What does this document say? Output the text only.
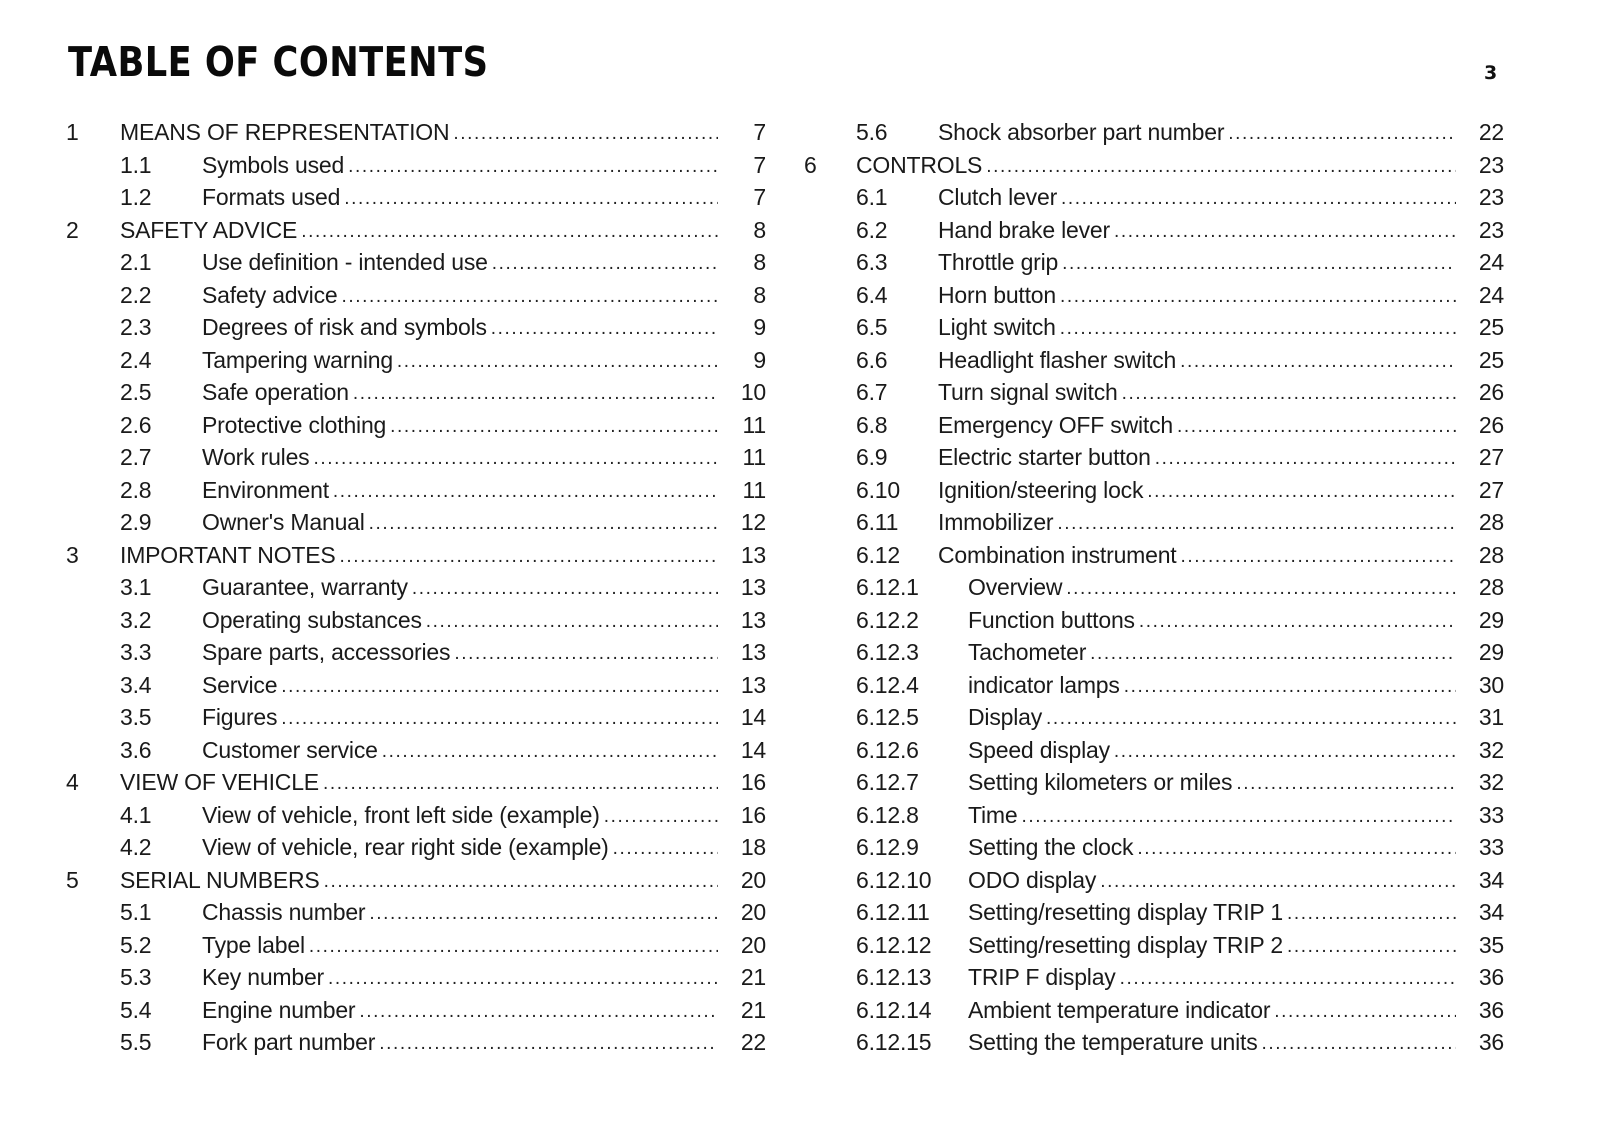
TABLE OF CONTENTS	3
1	MEANS OF REPRESENTATION .....	7
1.1	Symbols used .....	7
1.2	Formats used .....	7
2	SAFETY ADVICE .....	8
2.1	Use definition - intended use .....	8
2.2	Safety advice .....	8
2.3	Degrees of risk and symbols .....	9
2.4	Tampering warning .....	9
2.5	Safe operation .....	10
2.6	Protective clothing .....	11
2.7	Work rules .....	11
2.8	Environment .....	11
2.9	Owner's Manual .....	12
3	IMPORTANT NOTES .....	13
3.1	Guarantee, warranty .....	13
3.2	Operating substances .....	13
3.3	Spare parts, accessories .....	13
3.4	Service .....	13
3.5	Figures .....	14
3.6	Customer service .....	14
4	VIEW OF VEHICLE .....	16
4.1	View of vehicle, front left side (example) .....	16
4.2	View of vehicle, rear right side (example) .....	18
5	SERIAL NUMBERS .....	20
5.1	Chassis number .....	20
5.2	Type label .....	20
5.3	Key number .....	21
5.4	Engine number .....	21
5.5	Fork part number .....	22
5.6	Shock absorber part number .....	22
6	CONTROLS .....	23
6.1	Clutch lever .....	23
6.2	Hand brake lever .....	23
6.3	Throttle grip .....	24
6.4	Horn button .....	24
6.5	Light switch .....	25
6.6	Headlight flasher switch .....	25
6.7	Turn signal switch .....	26
6.8	Emergency OFF switch .....	26
6.9	Electric starter button .....	27
6.10	Ignition/steering lock .....	27
6.11	Immobilizer .....	28
6.12	Combination instrument .....	28
6.12.1	Overview .....	28
6.12.2	Function buttons .....	29
6.12.3	Tachometer .....	29
6.12.4	indicator lamps .....	30
6.12.5	Display .....	31
6.12.6	Speed display .....	32
6.12.7	Setting kilometers or miles .....	32
6.12.8	Time .....	33
6.12.9	Setting the clock .....	33
6.12.10	ODO display .....	34
6.12.11	Setting/resetting display TRIP 1 .....	34
6.12.12	Setting/resetting display TRIP 2 .....	35
6.12.13	TRIP F display .....	36
6.12.14	Ambient temperature indicator .....	36
6.12.15	Setting the temperature units .....	36
